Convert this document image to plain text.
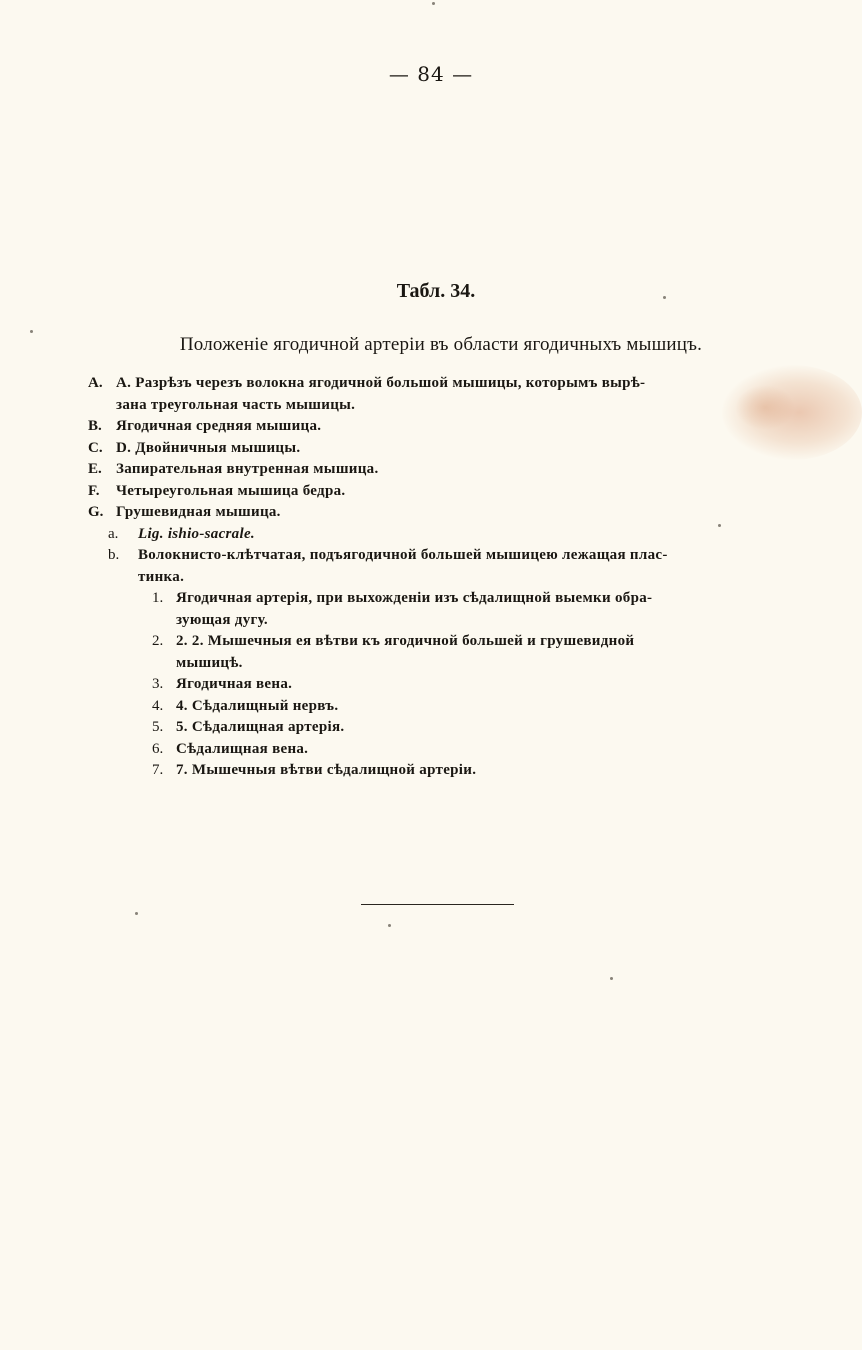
— 84 —
Табл. 34.
Положеніе ягодичной артеріи въ области ягодичныхъ мышицъ.
A. А. Разрѣзъ черезъ волокна ягодичной большой мышицы, которымъ вырѣ-
зана треугольная часть мышицы.
B. Ягодичная средняя мышица.
C. D. Двойничныя мышицы.
E. Запирательная внутренная мышица.
F.	Четыреугольная мышица бедра.
G. Грушевидная мышица.
a.	Lig. ishio-sacrale.
b.	Волокнисто-клѣтчатая, подъягодичной большей мышицею лежащая плас-
тинка.
1. Ягодичная артерія, при выхожденіи изъ сѣдалищной выемки обра-
зующая дугу.
2. 2. 2. Мышечныя ея вѣтви къ ягодичной большей и грушевидной
мышицѣ.
3. Ягодичная вена.
4. 4. Сѣдалищный нервъ.
5. 5. Сѣдалищная артерія.
6. Сѣдалищная вена.
7. 7. Мышечныя вѣтви сѣдалищной артеріи.
